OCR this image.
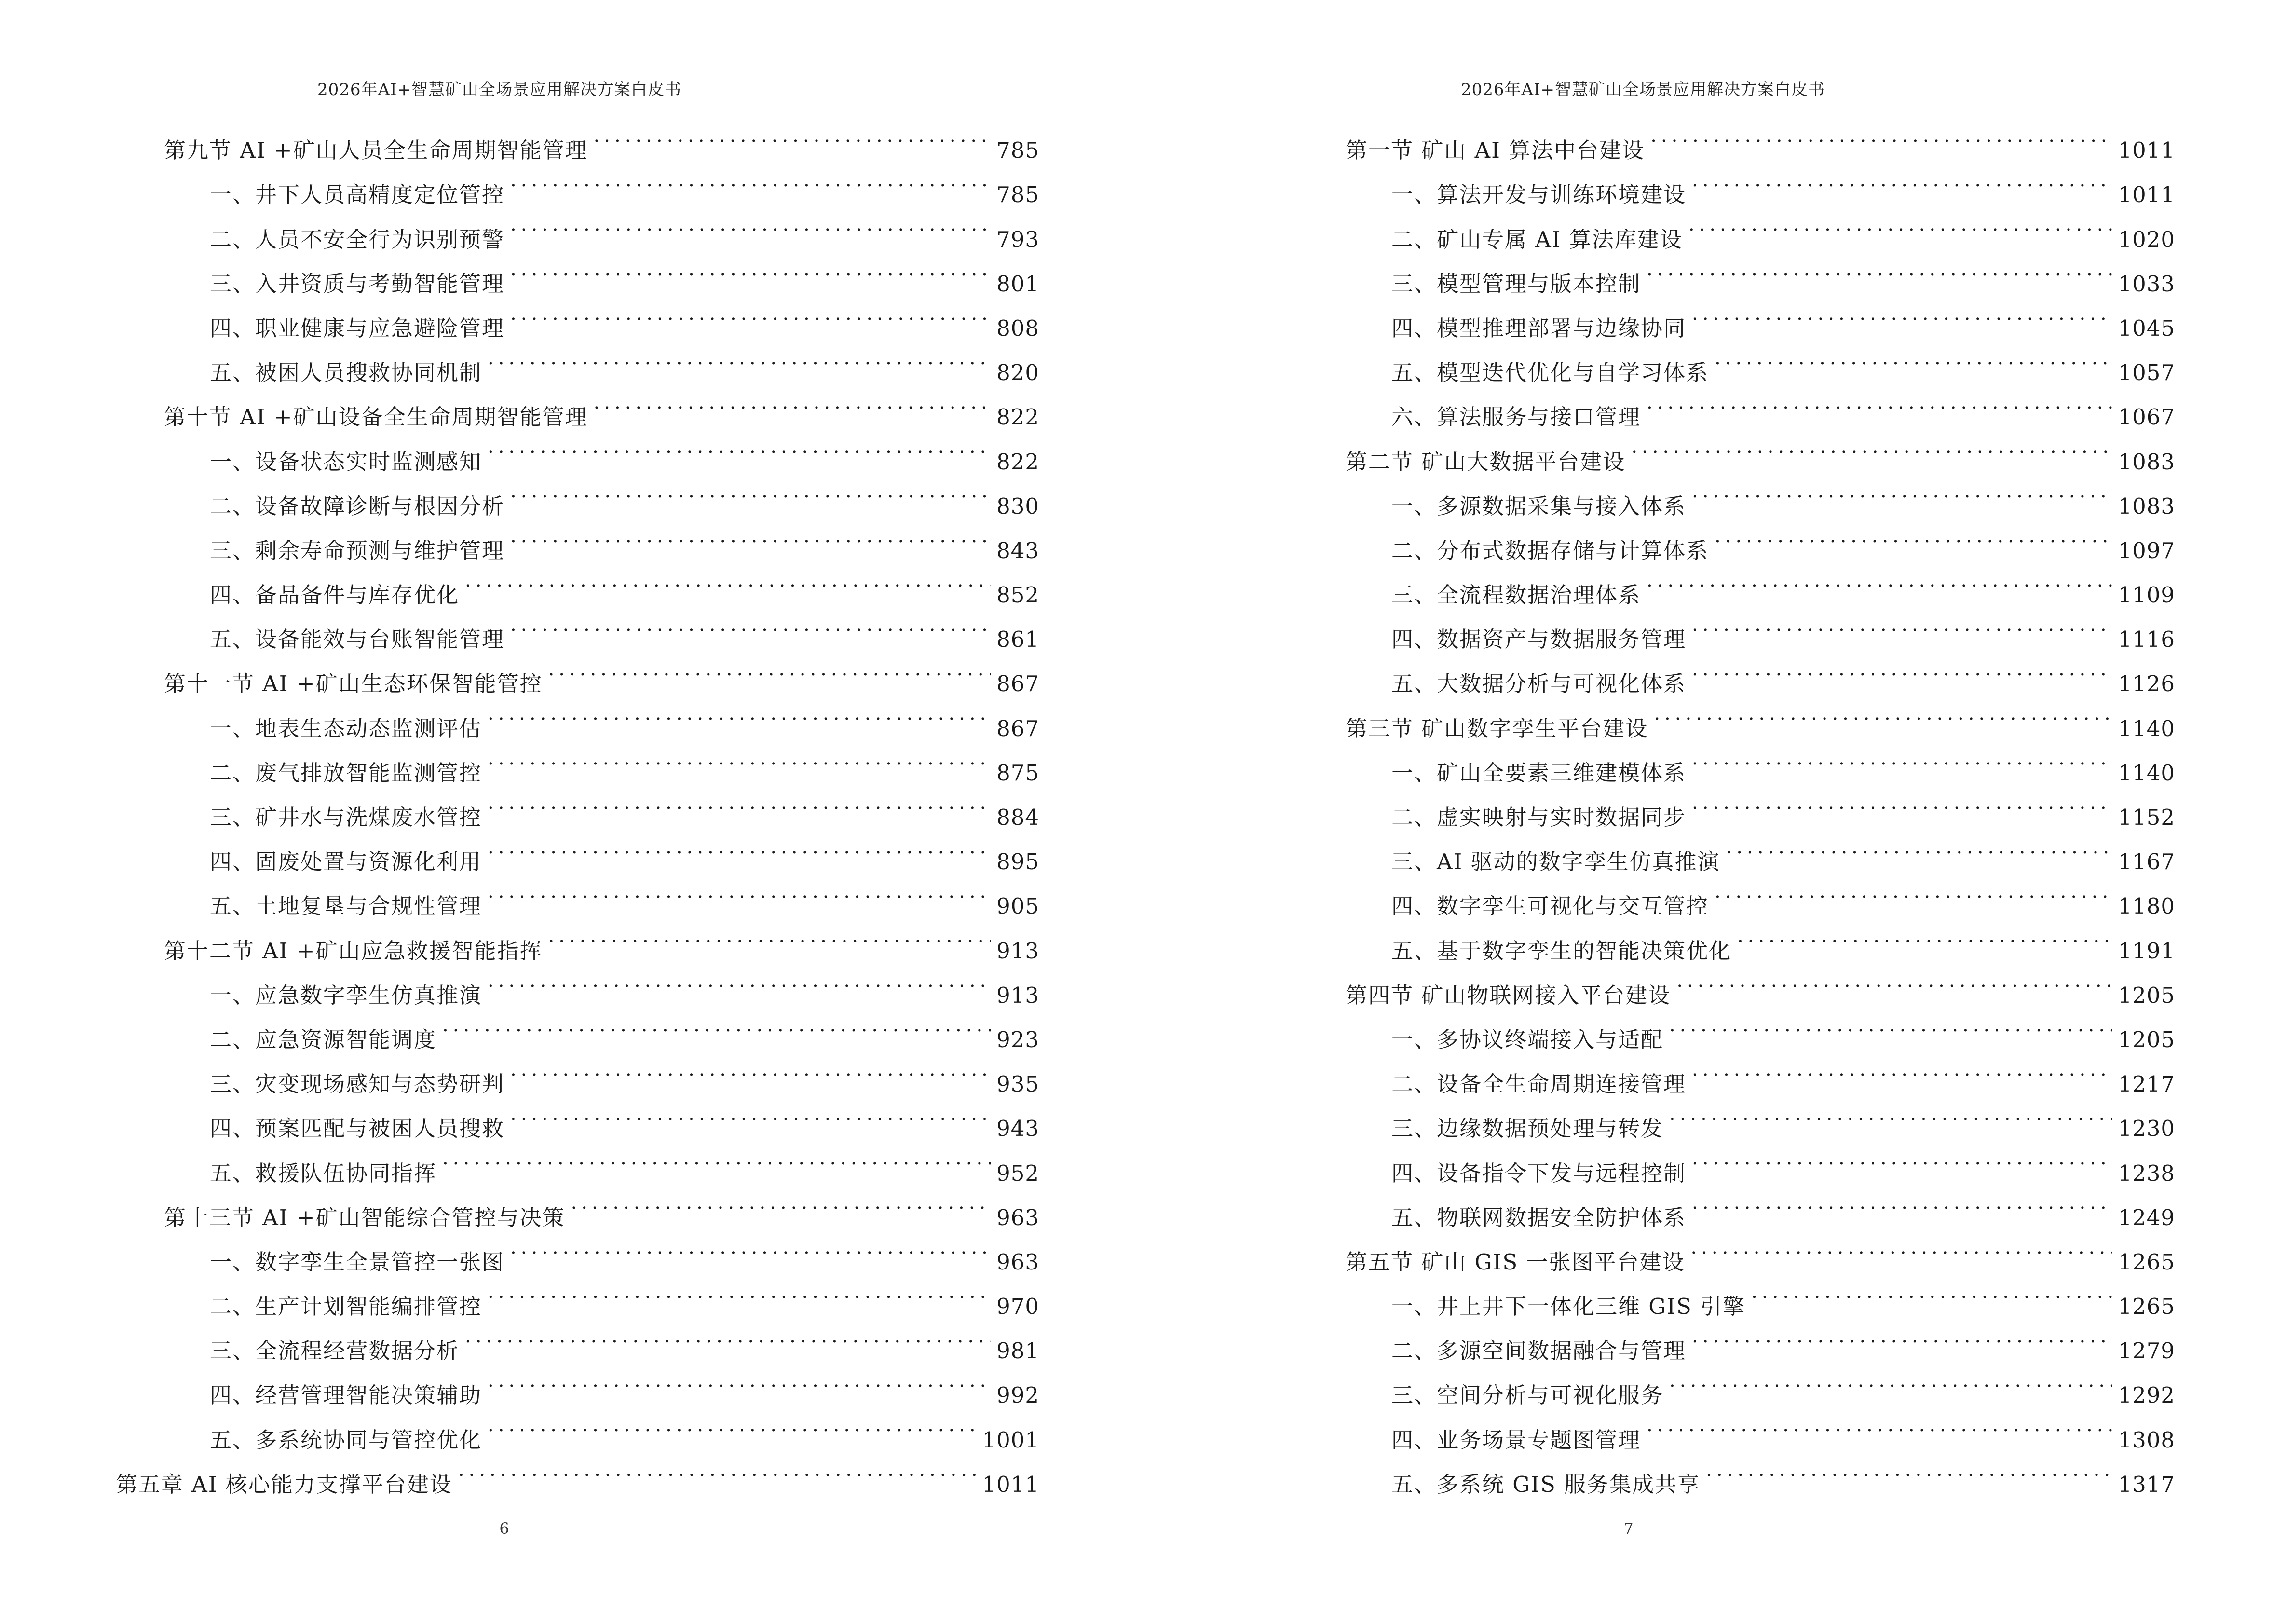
2026年AI+智慧矿山全场景应用解决方案白皮书
第九节 AI +矿山人员全生命周期智能管理 .....	785
一、井下人员高精度定位管控 .....	785
二、人员不安全行为识别预警 .....	793
三、入井资质与考勤智能管理 .....	801
四、职业健康与应急避险管理 .....	808
五、被困人员搜救协同机制 .....	820
第十节 AI +矿山设备全生命周期智能管理 .....	822
一、设备状态实时监测感知 .....	822
二、设备故障诊断与根因分析 .....	830
三、剩余寿命预测与维护管理 .....	843
四、备品备件与库存优化 .....	852
五、设备能效与台账智能管理 .....	861
第十一节 AI +矿山生态环保智能管控 .....	867
一、地表生态动态监测评估 .....	867
二、废气排放智能监测管控 .....	875
三、矿井水与洗煤废水管控 .....	884
四、固废处置与资源化利用 .....	895
五、土地复垦与合规性管理 .....	905
第十二节 AI +矿山应急救援智能指挥 .....	913
一、应急数字孪生仿真推演 .....	913
二、应急资源智能调度 .....	923
三、灾变现场感知与态势研判 .....	935
四、预案匹配与被困人员搜救 .....	943
五、救援队伍协同指挥 .....	952
第十三节 AI +矿山智能综合管控与决策 .....	963
一、数字孪生全景管控一张图 .....	963
二、生产计划智能编排管控 .....	970
三、全流程经营数据分析 .....	981
四、经营管理智能决策辅助 .....	992
五、多系统协同与管控优化 .....	1001
第五章 AI 核心能力支撑平台建设 .....	1011
6
2026年AI+智慧矿山全场景应用解决方案白皮书
第一节 矿山 AI 算法中台建设 .....	1011
一、算法开发与训练环境建设 .....	1011
二、矿山专属 AI 算法库建设 .....	1020
三、模型管理与版本控制 .....	1033
四、模型推理部署与边缘协同 .....	1045
五、模型迭代优化与自学习体系 .....	1057
六、算法服务与接口管理 .....	1067
第二节 矿山大数据平台建设 .....	1083
一、多源数据采集与接入体系 .....	1083
二、分布式数据存储与计算体系 .....	1097
三、全流程数据治理体系 .....	1109
四、数据资产与数据服务管理 .....	1116
五、大数据分析与可视化体系 .....	1126
第三节 矿山数字孪生平台建设 .....	1140
一、矿山全要素三维建模体系 .....	1140
二、虚实映射与实时数据同步 .....	1152
三、AI 驱动的数字孪生仿真推演 .....	1167
四、数字孪生可视化与交互管控 .....	1180
五、基于数字孪生的智能决策优化 .....	1191
第四节 矿山物联网接入平台建设 .....	1205
一、多协议终端接入与适配 .....	1205
二、设备全生命周期连接管理 .....	1217
三、边缘数据预处理与转发 .....	1230
四、设备指令下发与远程控制 .....	1238
五、物联网数据安全防护体系 .....	1249
第五节 矿山 GIS 一张图平台建设 .....	1265
一、井上井下一体化三维 GIS 引擎 .....	1265
二、多源空间数据融合与管理 .....	1279
三、空间分析与可视化服务 .....	1292
四、业务场景专题图管理 .....	1308
五、多系统 GIS 服务集成共享 .....	1317
7
